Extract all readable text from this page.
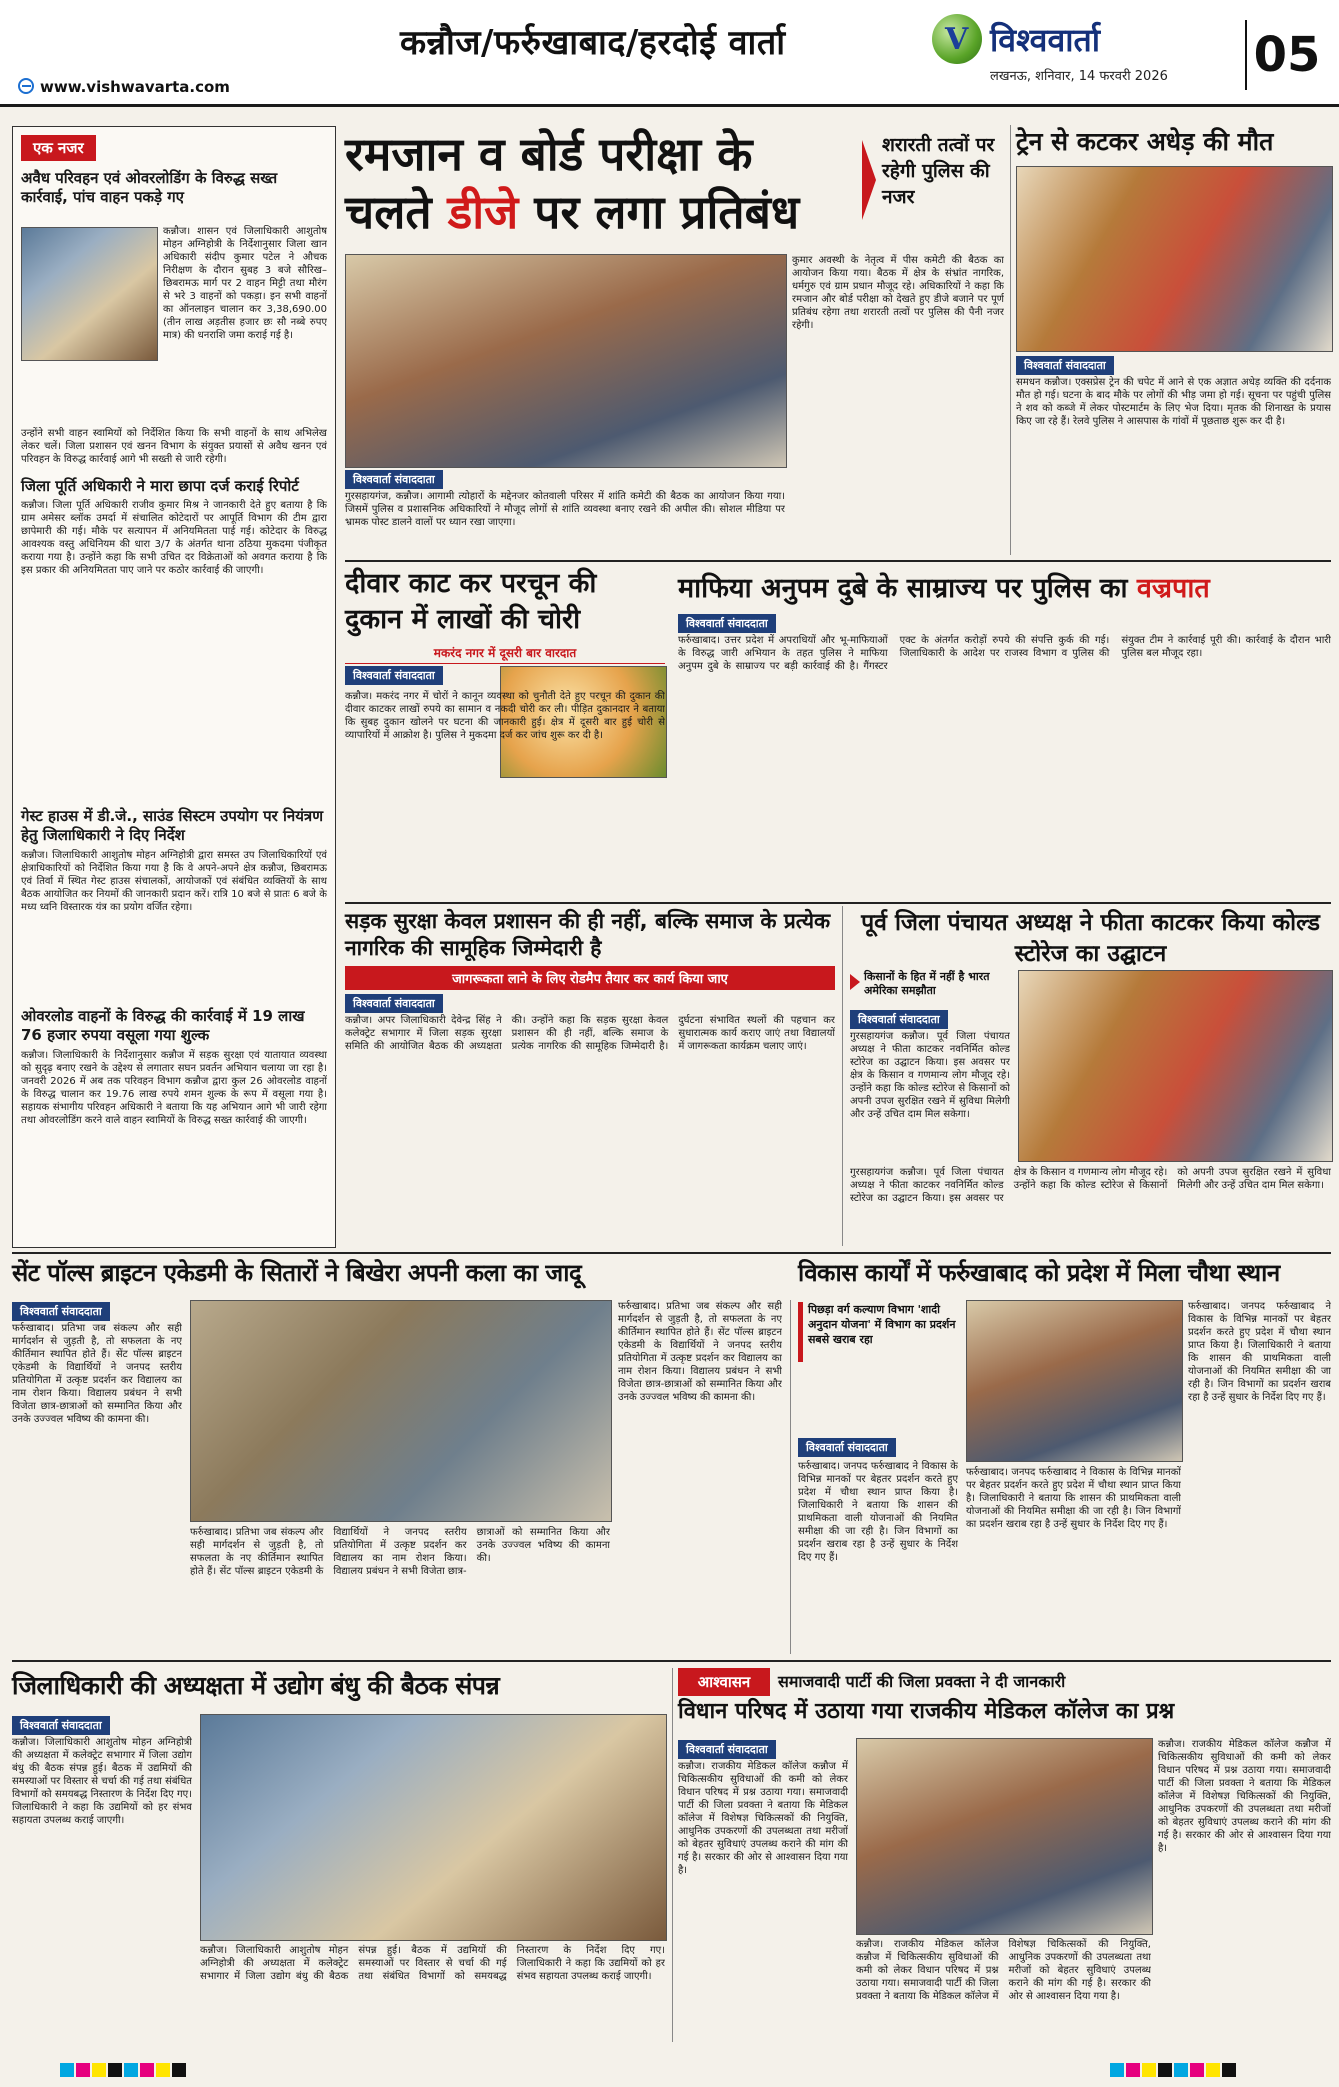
कन्नौज/फर्रुखाबाद/हरदोई वार्ता
www.vishwavarta.com
V विश्ववार्ता
लखनऊ, शनिवार, 14 फरवरी 2026 05
एक नजर
अवैध परिवहन एवं ओवरलोडिंग के विरुद्ध सख्त कार्रवाई, पांच वाहन पकड़े गए
कन्नौज। शासन एवं जिलाधिकारी आशुतोष मोहन अग्निहोत्री के निर्देशानुसार जिला खान अधिकारी संदीप कुमार पटेल ने औचक निरीक्षण के दौरान सुबह 3 बजे सौरिख–छिबरामऊ मार्ग पर 2 वाहन मिट्टी तथा मौरंग से भरे 3 वाहनों को पकड़ा। इन सभी वाहनों का ऑनलाइन चालान कर 3,38,690.00 (तीन लाख अड़तीस हजार छः सौ नब्बे रुपए मात्र) की धनराशि जमा कराई गई है।
उन्होंने सभी वाहन स्वामियों को निर्देशित किया कि सभी वाहनों के साथ अभिलेख लेकर चलें। जिला प्रशासन एवं खनन विभाग के संयुक्त प्रयासों से अवैध खनन एवं परिवहन के विरुद्ध कार्रवाई आगे भी सख्ती से जारी रहेगी।
जिला पूर्ति अधिकारी ने मारा छापा दर्ज कराई रिपोर्ट
कन्नौज। जिला पूर्ति अधिकारी राजीव कुमार मिश्र ने जानकारी देते हुए बताया है कि ग्राम अमेसर ब्लॉक उमर्दा में संचालित कोटेदारों पर आपूर्ति विभाग की टीम द्वारा छापेमारी की गई। मौके पर सत्यापन में अनियमितता पाई गई। कोटेदार के विरुद्ध आवश्यक वस्तु अधिनियम की धारा 3/7 के अंतर्गत थाना ठठिया मुकदमा पंजीकृत कराया गया है। उन्होंने कहा कि सभी उचित दर विक्रेताओं को अवगत कराया है कि इस प्रकार की अनियमितता पाए जाने पर कठोर कार्रवाई की जाएगी।
गेस्ट हाउस में डी.जे., साउंड सिस्टम उपयोग पर नियंत्रण हेतु जिलाधिकारी ने दिए निर्देश
कन्नौज। जिलाधिकारी आशुतोष मोहन अग्निहोत्री द्वारा समस्त उप जिलाधिकारियों एवं क्षेत्राधिकारियों को निर्देशित किया गया है कि वे अपने-अपने क्षेत्र कन्नौज, छिबरामऊ एवं तिर्वा में स्थित गेस्ट हाउस संचालकों, आयोजकों एवं संबंधित व्यक्तियों के साथ बैठक आयोजित कर नियमों की जानकारी प्रदान करें। रात्रि 10 बजे से प्रातः 6 बजे के मध्य ध्वनि विस्तारक यंत्र का प्रयोग वर्जित रहेगा।
ओवरलोड वाहनों के विरुद्ध की कार्रवाई में 19 लाख 76 हजार रुपया वसूला गया शुल्क
कन्नौज। जिलाधिकारी के निर्देशानुसार कन्नौज में सड़क सुरक्षा एवं यातायात व्यवस्था को सुदृढ़ बनाए रखने के उद्देश्य से लगातार सघन प्रवर्तन अभियान चलाया जा रहा है। जनवरी 2026 में अब तक परिवहन विभाग कन्नौज द्वारा कुल 26 ओवरलोड वाहनों के विरुद्ध चालान कर 19.76 लाख रुपये शमन शुल्क के रूप में वसूला गया है। सहायक संभागीय परिवहन अधिकारी ने बताया कि यह अभियान आगे भी जारी रहेगा तथा ओवरलोडिंग करने वाले वाहन स्वामियों के विरुद्ध सख्त कार्रवाई की जाएगी।
रमजान व बोर्ड परीक्षा के
चलते डीजे पर लगा प्रतिबंध
शरारती तत्वों पर रहेगी पुलिस की नजर
विश्ववार्ता संवाददाता
गुरसहायगंज, कन्नौज। आगामी त्योहारों के मद्देनजर कोतवाली परिसर में शांति कमेटी की बैठक का आयोजन किया गया। जिसमें पुलिस व प्रशासनिक अधिकारियों ने मौजूद लोगों से शांति व्यवस्था बनाए रखने की अपील की। सोशल मीडिया पर भ्रामक पोस्ट डालने वालों पर ध्यान रखा जाएगा।
कुमार अवस्थी के नेतृत्व में पीस कमेटी की बैठक का आयोजन किया गया। बैठक में क्षेत्र के संभ्रांत नागरिक, धर्मगुरु एवं ग्राम प्रधान मौजूद रहे। अधिकारियों ने कहा कि रमजान और बोर्ड परीक्षा को देखते हुए डीजे बजाने पर पूर्ण प्रतिबंध रहेगा तथा शरारती तत्वों पर पुलिस की पैनी नजर रहेगी।
ट्रेन से कटकर अधेड़ की मौत
विश्ववार्ता संवाददाता
समधन कन्नौज। एक्सप्रेस ट्रेन की चपेट में आने से एक अज्ञात अधेड़ व्यक्ति की दर्दनाक मौत हो गई। घटना के बाद मौके पर लोगों की भीड़ जमा हो गई। सूचना पर पहुंची पुलिस ने शव को कब्जे में लेकर पोस्टमार्टम के लिए भेज दिया। मृतक की शिनाख्त के प्रयास किए जा रहे हैं। रेलवे पुलिस ने आसपास के गांवों में पूछताछ शुरू कर दी है।
दीवार काट कर परचून की
दुकान में लाखों की चोरी
मकरंद नगर में दूसरी बार वारदात
विश्ववार्ता संवाददाता
कन्नौज। मकरंद नगर में चोरों ने कानून व्यवस्था को चुनौती देते हुए परचून की दुकान की दीवार काटकर लाखों रुपये का सामान व नकदी चोरी कर ली। पीड़ित दुकानदार ने बताया कि सुबह दुकान खोलने पर घटना की जानकारी हुई। क्षेत्र में दूसरी बार हुई चोरी से व्यापारियों में आक्रोश है। पुलिस ने मुकदमा दर्ज कर जांच शुरू कर दी है।
माफिया अनुपम दुबे के साम्राज्य पर पुलिस का वज्रपात
विश्ववार्ता संवाददाता
फर्रुखाबाद। उत्तर प्रदेश में अपराधियों और भू-माफियाओं के विरुद्ध जारी अभियान के तहत पुलिस ने माफिया अनुपम दुबे के साम्राज्य पर बड़ी कार्रवाई की है। गैंगस्टर एक्ट के अंतर्गत करोड़ों रुपये की संपत्ति कुर्क की गई। जिलाधिकारी के आदेश पर राजस्व विभाग व पुलिस की संयुक्त टीम ने कार्रवाई पूरी की। कार्रवाई के दौरान भारी पुलिस बल मौजूद रहा।
सड़क सुरक्षा केवल प्रशासन की ही नहीं, बल्कि समाज के प्रत्येक नागरिक की सामूहिक जिम्मेदारी है
जागरूकता लाने के लिए रोडमैप तैयार कर कार्य किया जाए
विश्ववार्ता संवाददाता
कन्नौज। अपर जिलाधिकारी देवेन्द्र सिंह ने कलेक्ट्रेट सभागार में जिला सड़क सुरक्षा समिति की आयोजित बैठक की अध्यक्षता की। उन्होंने कहा कि सड़क सुरक्षा केवल प्रशासन की ही नहीं, बल्कि समाज के प्रत्येक नागरिक की सामूहिक जिम्मेदारी है। दुर्घटना संभावित स्थलों की पहचान कर सुधारात्मक कार्य कराए जाएं तथा विद्यालयों में जागरूकता कार्यक्रम चलाए जाएं।
पूर्व जिला पंचायत अध्यक्ष ने फीता काटकर किया कोल्ड स्टोरेज का उद्घाटन
किसानों के हित में नहीं है भारत अमेरिका समझौता
विश्ववार्ता संवाददाता
गुरसहायगंज कन्नौज। पूर्व जिला पंचायत अध्यक्ष ने फीता काटकर नवनिर्मित कोल्ड स्टोरेज का उद्घाटन किया। इस अवसर पर क्षेत्र के किसान व गणमान्य लोग मौजूद रहे। उन्होंने कहा कि कोल्ड स्टोरेज से किसानों को अपनी उपज सुरक्षित रखने में सुविधा मिलेगी और उन्हें उचित दाम मिल सकेगा।
गुरसहायगंज कन्नौज। पूर्व जिला पंचायत अध्यक्ष ने फीता काटकर नवनिर्मित कोल्ड स्टोरेज का उद्घाटन किया। इस अवसर पर क्षेत्र के किसान व गणमान्य लोग मौजूद रहे। उन्होंने कहा कि कोल्ड स्टोरेज से किसानों को अपनी उपज सुरक्षित रखने में सुविधा मिलेगी और उन्हें उचित दाम मिल सकेगा।
सेंट पॉल्स ब्राइटन एकेडमी के सितारों ने बिखेरा अपनी कला का जादू
विश्ववार्ता संवाददाता
फर्रुखाबाद। प्रतिभा जब संकल्प और सही मार्गदर्शन से जुड़ती है, तो सफलता के नए कीर्तिमान स्थापित होते हैं। सेंट पॉल्स ब्राइटन एकेडमी के विद्यार्थियों ने जनपद स्तरीय प्रतियोगिता में उत्कृष्ट प्रदर्शन कर विद्यालय का नाम रोशन किया। विद्यालय प्रबंधन ने सभी विजेता छात्र-छात्राओं को सम्मानित किया और उनके उज्ज्वल भविष्य की कामना की।
फर्रुखाबाद। प्रतिभा जब संकल्प और सही मार्गदर्शन से जुड़ती है, तो सफलता के नए कीर्तिमान स्थापित होते हैं। सेंट पॉल्स ब्राइटन एकेडमी के विद्यार्थियों ने जनपद स्तरीय प्रतियोगिता में उत्कृष्ट प्रदर्शन कर विद्यालय का नाम रोशन किया। विद्यालय प्रबंधन ने सभी विजेता छात्र-छात्राओं को सम्मानित किया और उनके उज्ज्वल भविष्य की कामना की।
फर्रुखाबाद। प्रतिभा जब संकल्प और सही मार्गदर्शन से जुड़ती है, तो सफलता के नए कीर्तिमान स्थापित होते हैं। सेंट पॉल्स ब्राइटन एकेडमी के विद्यार्थियों ने जनपद स्तरीय प्रतियोगिता में उत्कृष्ट प्रदर्शन कर विद्यालय का नाम रोशन किया। विद्यालय प्रबंधन ने सभी विजेता छात्र-छात्राओं को सम्मानित किया और उनके उज्ज्वल भविष्य की कामना की।
विकास कार्यों में फर्रुखाबाद को प्रदेश में मिला चौथा स्थान
पिछड़ा वर्ग कल्याण विभाग 'शादी अनुदान योजना' में विभाग का प्रदर्शन सबसे खराब रहा
विश्ववार्ता संवाददाता
फर्रुखाबाद। जनपद फर्रुखाबाद ने विकास के विभिन्न मानकों पर बेहतर प्रदर्शन करते हुए प्रदेश में चौथा स्थान प्राप्त किया है। जिलाधिकारी ने बताया कि शासन की प्राथमिकता वाली योजनाओं की नियमित समीक्षा की जा रही है। जिन विभागों का प्रदर्शन खराब रहा है उन्हें सुधार के निर्देश दिए गए हैं।
फर्रुखाबाद। जनपद फर्रुखाबाद ने विकास के विभिन्न मानकों पर बेहतर प्रदर्शन करते हुए प्रदेश में चौथा स्थान प्राप्त किया है। जिलाधिकारी ने बताया कि शासन की प्राथमिकता वाली योजनाओं की नियमित समीक्षा की जा रही है। जिन विभागों का प्रदर्शन खराब रहा है उन्हें सुधार के निर्देश दिए गए हैं।
फर्रुखाबाद। जनपद फर्रुखाबाद ने विकास के विभिन्न मानकों पर बेहतर प्रदर्शन करते हुए प्रदेश में चौथा स्थान प्राप्त किया है। जिलाधिकारी ने बताया कि शासन की प्राथमिकता वाली योजनाओं की नियमित समीक्षा की जा रही है। जिन विभागों का प्रदर्शन खराब रहा है उन्हें सुधार के निर्देश दिए गए हैं।
जिलाधिकारी की अध्यक्षता में उद्योग बंधु की बैठक संपन्न
विश्ववार्ता संवाददाता
कन्नौज। जिलाधिकारी आशुतोष मोहन अग्निहोत्री की अध्यक्षता में कलेक्ट्रेट सभागार में जिला उद्योग बंधु की बैठक संपन्न हुई। बैठक में उद्यमियों की समस्याओं पर विस्तार से चर्चा की गई तथा संबंधित विभागों को समयबद्ध निस्तारण के निर्देश दिए गए। जिलाधिकारी ने कहा कि उद्यमियों को हर संभव सहायता उपलब्ध कराई जाएगी।
कन्नौज। जिलाधिकारी आशुतोष मोहन अग्निहोत्री की अध्यक्षता में कलेक्ट्रेट सभागार में जिला उद्योग बंधु की बैठक संपन्न हुई। बैठक में उद्यमियों की समस्याओं पर विस्तार से चर्चा की गई तथा संबंधित विभागों को समयबद्ध निस्तारण के निर्देश दिए गए। जिलाधिकारी ने कहा कि उद्यमियों को हर संभव सहायता उपलब्ध कराई जाएगी।
आश्वासन	समाजवादी पार्टी की जिला प्रवक्ता ने दी जानकारी
विधान परिषद में उठाया गया राजकीय मेडिकल कॉलेज का प्रश्न
विश्ववार्ता संवाददाता
कन्नौज। राजकीय मेडिकल कॉलेज कन्नौज में चिकित्सकीय सुविधाओं की कमी को लेकर विधान परिषद में प्रश्न उठाया गया। समाजवादी पार्टी की जिला प्रवक्ता ने बताया कि मेडिकल कॉलेज में विशेषज्ञ चिकित्सकों की नियुक्ति, आधुनिक उपकरणों की उपलब्धता तथा मरीजों को बेहतर सुविधाएं उपलब्ध कराने की मांग की गई है। सरकार की ओर से आश्वासन दिया गया है।
कन्नौज। राजकीय मेडिकल कॉलेज कन्नौज में चिकित्सकीय सुविधाओं की कमी को लेकर विधान परिषद में प्रश्न उठाया गया। समाजवादी पार्टी की जिला प्रवक्ता ने बताया कि मेडिकल कॉलेज में विशेषज्ञ चिकित्सकों की नियुक्ति, आधुनिक उपकरणों की उपलब्धता तथा मरीजों को बेहतर सुविधाएं उपलब्ध कराने की मांग की गई है। सरकार की ओर से आश्वासन दिया गया है।
कन्नौज। राजकीय मेडिकल कॉलेज कन्नौज में चिकित्सकीय सुविधाओं की कमी को लेकर विधान परिषद में प्रश्न उठाया गया। समाजवादी पार्टी की जिला प्रवक्ता ने बताया कि मेडिकल कॉलेज में विशेषज्ञ चिकित्सकों की नियुक्ति, आधुनिक उपकरणों की उपलब्धता तथा मरीजों को बेहतर सुविधाएं उपलब्ध कराने की मांग की गई है। सरकार की ओर से आश्वासन दिया गया है।
